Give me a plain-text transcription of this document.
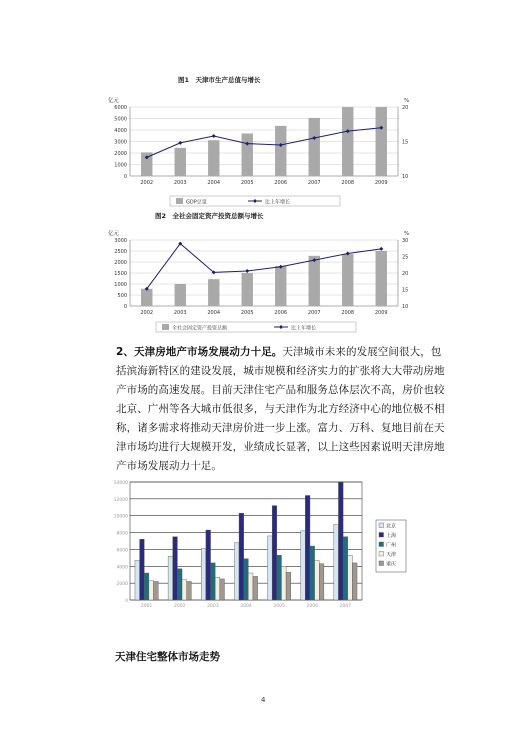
图1　天津市生产总值与增长
亿元	%
0
1000
2000
3000
4000
5000
6000
10
15
20
2002	2003	2004	2005	2006	2007	2008	2009
GDP总量	比上年增长
图2　全社会固定资产投资总额与增长
亿元	%
0
500
1000
1500
2000
2500
3000
10
15
20
25
30
2002	2003	2004	2005	2006	2007	2008	2009
全社会固定资产投资总额	比上年增长
2、天津房地产市场发展动力十足。天津城市未来的发展空间很大，包括滨海新特区的建设发展，城市规模和经济实力的扩张将大大带动房地产市场的高速发展。目前天津住宅产品和服务总体层次不高，房价也较北京、广州等各大城市低很多，与天津作为北方经济中心的地位极不相称，诸多需求将推动天津房价进一步上涨。富力、万科、复地目前在天津市场均进行大规模开发，业绩成长显著，以上这些因素说明天津房地产市场发展动力十足。
0
2000
4000
6000
8000
10000
12000
14000
2001	2002	2003	2004	2005	2006	2007
北京
上海
广州
天津
重庆
天津住宅整体市场走势
4
